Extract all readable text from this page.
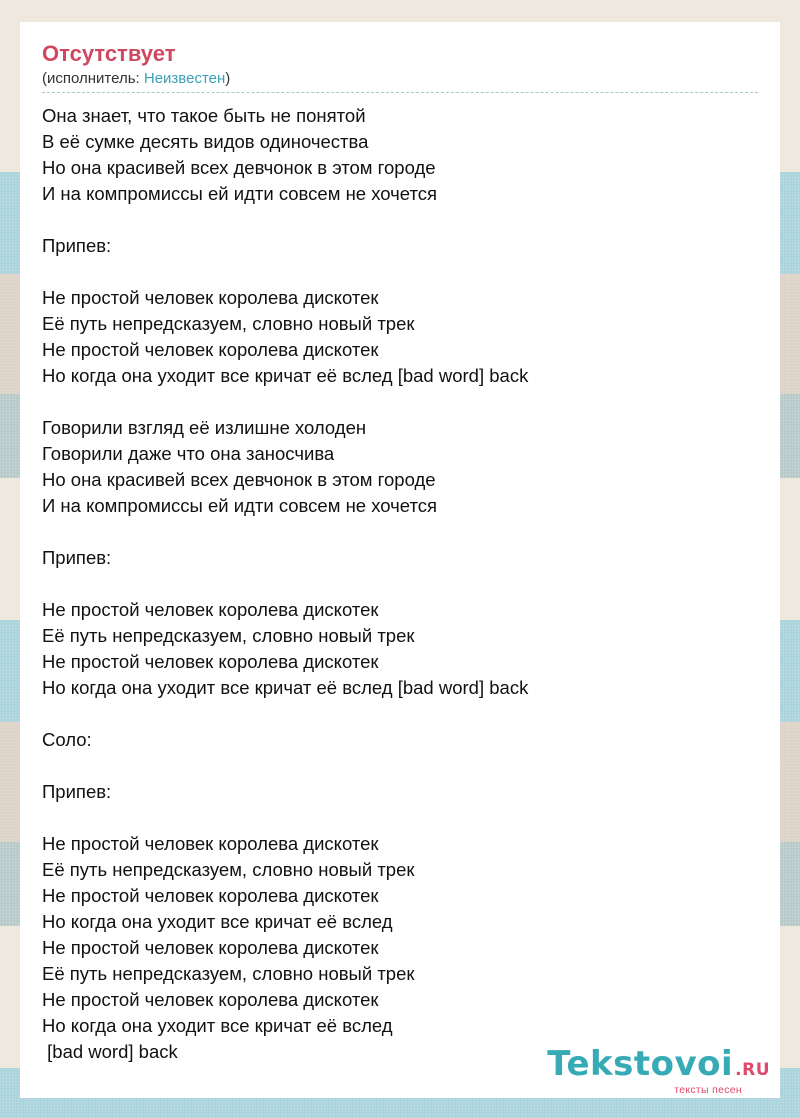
Отсутствует
(исполнитель: Неизвестен)
Она знает, что такое быть не понятой
В её сумке десять видов одиночества
Но она красивей всех девчонок в этом городе
И на компромиссы ей идти совсем не хочется
Припев:
Не простой человек королева дискотек
Её путь непредсказуем, словно новый трек
Не простой человек королева дискотек
Но когда она уходит все кричат её вслед [bad word] back
Говорили взгляд её излишне холоден
Говорили даже что она заносчива
Но она красивей всех девчонок в этом городе
И на компромиссы ей идти совсем не хочется
Припев:
Не простой человек королева дискотек
Её путь непредсказуем, словно новый трек
Не простой человек королева дискотек
Но когда она уходит все кричат её вслед [bad word] back
Соло:
Припев:
Не простой человек королева дискотек
Её путь непредсказуем, словно новый трек
Не простой человек королева дискотек
Но когда она уходит все кричат её вслед
Не простой человек королева дискотек
Её путь непредсказуем, словно новый трек
Не простой человек королева дискотек
Но когда она уходит все кричат её вслед
[bad word] back	Tekstovoi .RU
тексты песен
